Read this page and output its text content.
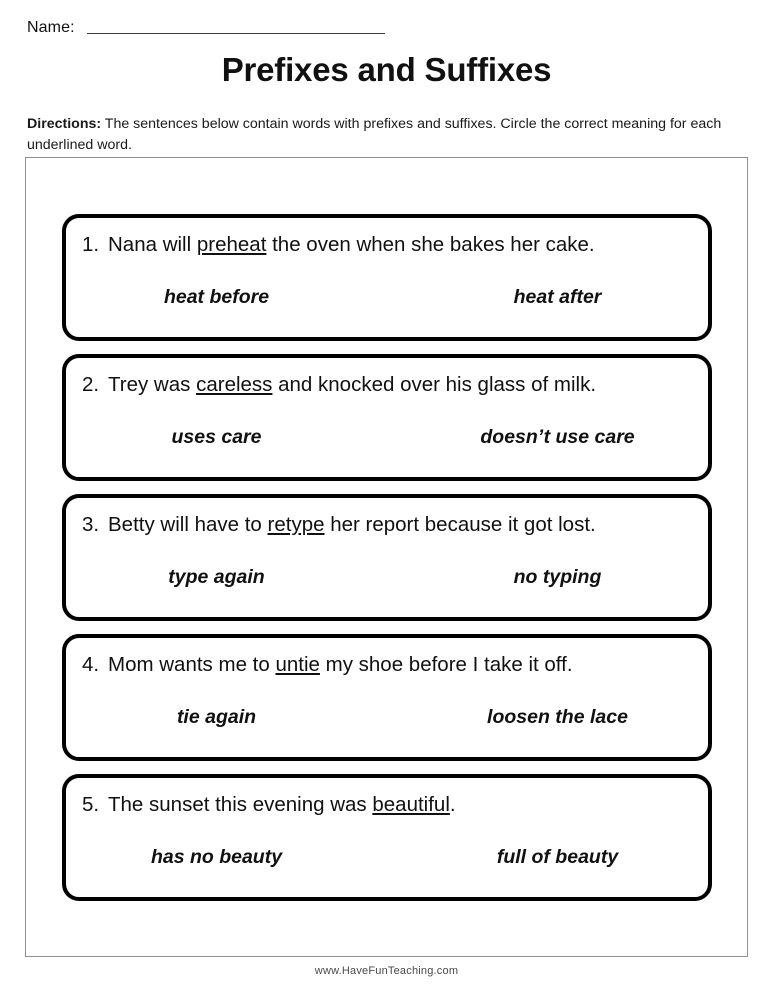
Name:
Prefixes and Suffixes
Directions: The sentences below contain words with prefixes and suffixes. Circle the correct meaning for each underlined word.
1. Nana will preheat the oven when she bakes her cake.
heat before	heat after
2. Trey was careless and knocked over his glass of milk.
uses care	doesn’t use care
3. Betty will have to retype her report because it got lost.
type again	no typing
4. Mom wants me to untie my shoe before I take it off.
tie again	loosen the lace
5. The sunset this evening was beautiful.
has no beauty	full of beauty
www.HaveFunTeaching.com
